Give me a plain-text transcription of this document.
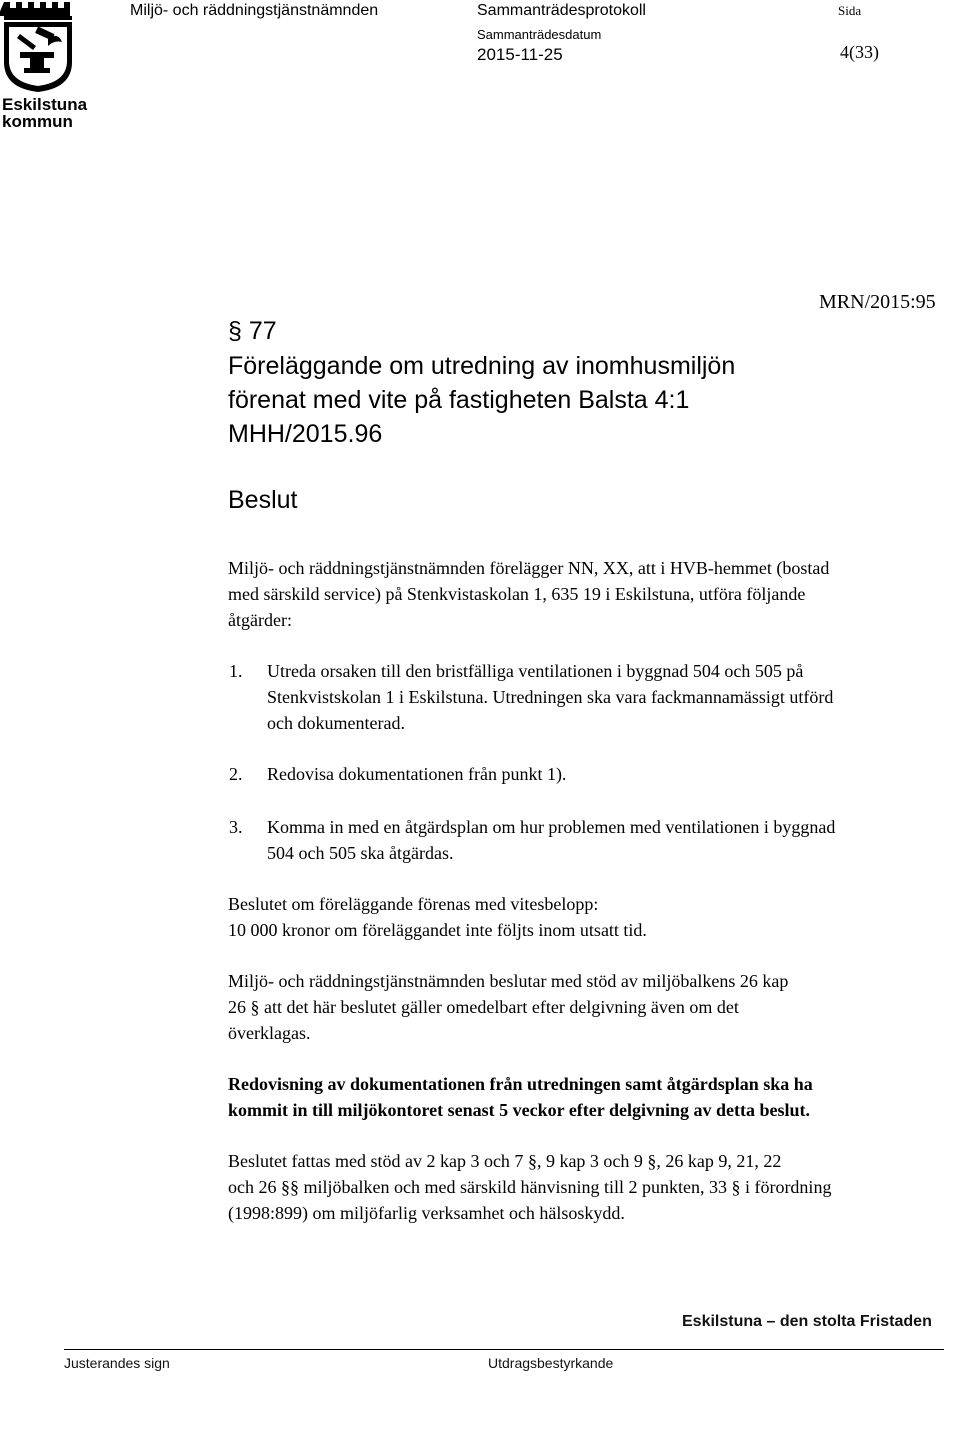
Eskilstuna
kommun
Miljö- och räddningstjänstnämnden	Sammanträdesprotokoll
Sammanträdesdatum
2015-11-25
Sida
4(33)
MRN/2015:95
§ 77
Föreläggande om utredning av inomhusmiljön
förenat med vite på fastigheten Balsta 4:1
MHH/2015.96
Beslut
Miljö- och räddningstjänstnämnden förelägger NN, XX, att i HVB-hemmet (bostad
med särskild service) på Stenkvistaskolan 1, 635 19 i Eskilstuna, utföra följande
åtgärder:
1. Utreda orsaken till den bristfälliga ventilationen i byggnad 504 och 505 på
Stenkvistskolan 1 i Eskilstuna. Utredningen ska vara fackmannamässigt utförd
och dokumenterad.
2. Redovisa dokumentationen från punkt 1).
3. Komma in med en åtgärdsplan om hur problemen med ventilationen i byggnad
504 och 505 ska åtgärdas.
Beslutet om föreläggande förenas med vitesbelopp:
10 000 kronor om föreläggandet inte följts inom utsatt tid.
Miljö- och räddningstjänstnämnden beslutar med stöd av miljöbalkens 26 kap
26 § att det här beslutet gäller omedelbart efter delgivning även om det
överklagas.
Redovisning av dokumentationen från utredningen samt åtgärdsplan ska ha
kommit in till miljökontoret senast 5 veckor efter delgivning av detta beslut.
Beslutet fattas med stöd av 2 kap 3 och 7 §, 9 kap 3 och 9 §, 26 kap 9, 21, 22
och 26 §§ miljöbalken och med särskild hänvisning till 2 punkten, 33 § i förordning
(1998:899) om miljöfarlig verksamhet och hälsoskydd.
Eskilstuna – den stolta Fristaden
Justerandes sign	Utdragsbestyrkande
